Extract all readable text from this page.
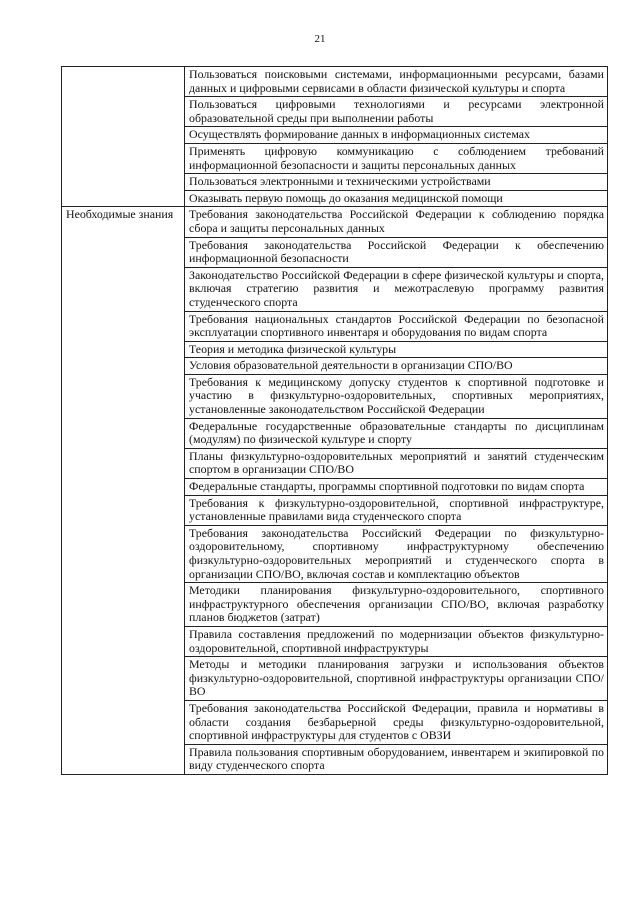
21
	Пользоваться поисковыми системами, информационными ресурсами, базами данных и цифровыми сервисами в области физической культуры и спорта
	Пользоваться цифровыми технологиями и ресурсами электронной образовательной среды при выполнении работы
	Осуществлять формирование данных в информационных системах
	Применять цифровую коммуникацию с соблюдением требований информационной безопасности и защиты персональных данных
	Пользоваться электронными и техническими устройствами
	Оказывать первую помощь до оказания медицинской помощи
Необходимые знания	Требования законодательства Российской Федерации к соблюдению порядка сбора и защиты персональных данных
	Требования законодательства Российской Федерации к обеспечению информационной безопасности
	Законодательство Российской Федерации в сфере физической культуры и спорта, включая стратегию развития и межотраслевую программу развития студенческого спорта
	Требования национальных стандартов Российской Федерации по безопасной эксплуатации спортивного инвентаря и оборудования по видам спорта
	Теория и методика физической культуры
	Условия образовательной деятельности в организации СПО/ВО
	Требования к медицинскому допуску студентов к спортивной подготовке и участию в физкультурно-оздоровительных, спортивных мероприятиях, установленные законодательством Российской Федерации
	Федеральные государственные образовательные стандарты по дисциплинам (модулям) по физической культуре и спорту
	Планы физкультурно-оздоровительных мероприятий и занятий студенческим спортом в организации СПО/ВО
	Федеральные стандарты, программы спортивной подготовки по видам спорта
	Требования к физкультурно-оздоровительной, спортивной инфраструктуре, установленные правилами вида студенческого спорта
	Требования законодательства Российский Федерации по физкультурно-оздоровительному, спортивному инфраструктурному обеспечению физкультурно-оздоровительных мероприятий и студенческого спорта в организации СПО/ВО, включая состав и комплектацию объектов
	Методики планирования физкультурно-оздоровительного, спортивного инфраструктурного обеспечения организации СПО/ВО, включая разработку планов бюджетов (затрат)
	Правила составления предложений по модернизации объектов физкультурно-оздоровительной, спортивной инфраструктуры
	Методы и методики планирования загрузки и использования объектов физкультурно-оздоровительной, спортивной инфраструктуры организации СПО/ВО
	Требования законодательства Российской Федерации, правила и нормативы в области создания безбарьерной среды физкультурно-оздоровительной, спортивной инфраструктуры для студентов с ОВЗИ
	Правила пользования спортивным оборудованием, инвентарем и экипировкой по виду студенческого спорта
